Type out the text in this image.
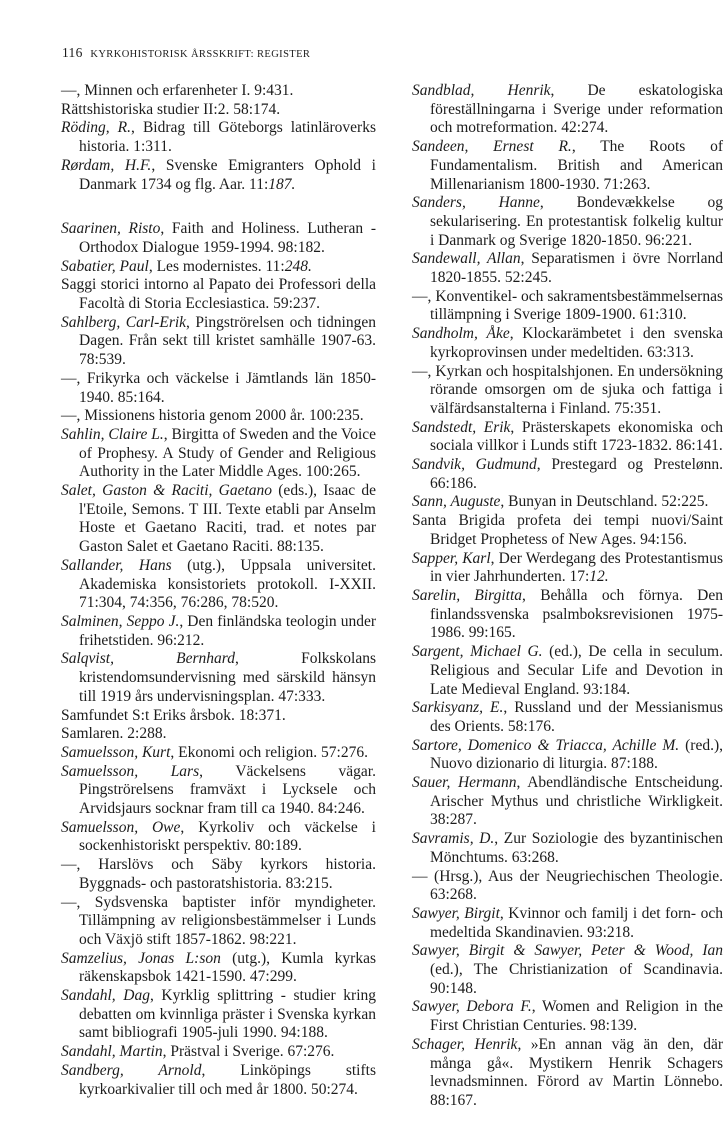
116 KYRKOHISTORISK ÅRSSKRIFT: REGISTER

—, Minnen och erfarenheter I. 9:431.

Rättshistoriska studier II:2. 58:174.

Röding, R., Bidrag till Göteborgs latinläroverks historia. 1:311.

Rørdam, H.F., Svenske Emigranters Ophold i Danmark 1734 og flg. Aar. 11:187.

Saarinen, Risto, Faith and Holiness. Lutheran - Orthodox Dialogue 1959-1994. 98:182.

Sabatier, Paul, Les modernistes. 11:248.

Saggi storici intorno al Papato dei Professori della Facoltà di Storia Ecclesiastica. 59:237.

Sahlberg, Carl-Erik, Pingströrelsen och tidningen Dagen. Från sekt till kristet samhälle 1907-63. 78:539.

—, Frikyrka och väckelse i Jämtlands län 1850-1940. 85:164.

—, Missionens historia genom 2000 år. 100:235.

Sahlin, Claire L., Birgitta of Sweden and the Voice of Prophesy. A Study of Gender and Religious Authority in the Later Middle Ages. 100:265.

Salet, Gaston & Raciti, Gaetano (eds.), Isaac de l'Etoile, Semons. T III. Texte etabli par Anselm Hoste et Gaetano Raciti, trad. et notes par Gaston Salet et Gaetano Raciti. 88:135.

Sallander, Hans (utg.), Uppsala universitet. Akademiska konsistoriets protokoll. I-XXII. 71:304, 74:356, 76:286, 78:520.

Salminen, Seppo J., Den finländska teologin under frihetstiden. 96:212.

Salqvist, Bernhard, Folkskolans kristendomsundervisning med särskild hänsyn till 1919 års undervisningsplan. 47:333.

Samfundet S:t Eriks årsbok. 18:371.

Samlaren. 2:288.

Samuelsson, Kurt, Ekonomi och religion. 57:276.

Samuelsson, Lars, Väckelsens vägar. Pingströrelsens framväxt i Lycksele och Arvidsjaurs socknar fram till ca 1940. 84:246.

Samuelsson, Owe, Kyrkoliv och väckelse i sockenhistoriskt perspektiv. 80:189.

—, Harslövs och Säby kyrkors historia. Byggnads- och pastoratshistoria. 83:215.

—, Sydsvenska baptister inför myndigheter. Tillämpning av religionsbestämmelser i Lunds och Växjö stift 1857-1862. 98:221.

Samzelius, Jonas L:son (utg.), Kumla kyrkas räkenskapsbok 1421-1590. 47:299.

Sandahl, Dag, Kyrklig splittring - studier kring debatten om kvinnliga präster i Svenska kyrkan samt bibliografi 1905-juli 1990. 94:188.

Sandahl, Martin, Prästval i Sverige. 67:276.

Sandberg, Arnold, Linköpings stifts kyrkoarkivalier till och med år 1800. 50:274.

Sandblad, Henrik, De eskatologiska föreställningarna i Sverige under reformation och motreformation. 42:274.

Sandeen, Ernest R., The Roots of Fundamentalism. British and American Millenarianism 1800-1930. 71:263.

Sanders, Hanne, Bondevækkelse og sekularisering. En protestantisk folkelig kultur i Danmark og Sverige 1820-1850. 96:221.

Sandewall, Allan, Separatismen i övre Norrland 1820-1855. 52:245.

—, Konventikel- och sakramentsbestämmelsernas tillämpning i Sverige 1809-1900. 61:310.

Sandholm, Åke, Klockarämbetet i den svenska kyrkoprovinsen under medeltiden. 63:313.

—, Kyrkan och hospitalshjonen. En undersökning rörande omsorgen om de sjuka och fattiga i välfärdsanstalterna i Finland. 75:351.

Sandstedt, Erik, Prästerskapets ekonomiska och sociala villkor i Lunds stift 1723-1832. 86:141.

Sandvik, Gudmund, Prestegard og Prestelønn. 66:186.

Sann, Auguste, Bunyan in Deutschland. 52:225.

Santa Brigida profeta dei tempi nuovi/Saint Bridget Prophetess of New Ages. 94:156.

Sapper, Karl, Der Werdegang des Protestantismus in vier Jahrhunderten. 17:12.

Sarelin, Birgitta, Behålla och förnya. Den finlandssvenska psalmboksrevisionen 1975-1986. 99:165.

Sargent, Michael G. (ed.), De cella in seculum. Religious and Secular Life and Devotion in Late Medieval England. 93:184.

Sarkisyanz, E., Russland und der Messianismus des Orients. 58:176.

Sartore, Domenico & Triacca, Achille M. (red.), Nuovo dizionario di liturgia. 87:188.

Sauer, Hermann, Abendländische Entscheidung. Arischer Mythus und christliche Wirkligkeit. 38:287.

Savramis, D., Zur Soziologie des byzantinischen Mönchtums. 63:268.

— (Hrsg.), Aus der Neugriechischen Theologie. 63:268.

Sawyer, Birgit, Kvinnor och familj i det forn- och medeltida Skandinavien. 93:218.

Sawyer, Birgit & Sawyer, Peter & Wood, Ian (ed.), The Christianization of Scandinavia. 90:148.

Sawyer, Debora F., Women and Religion in the First Christian Centuries. 98:139.

Schager, Henrik, »En annan väg än den, där många gå«. Mystikern Henrik Schagers levnadsminnen. Förord av Martin Lönnebo. 88:167.
